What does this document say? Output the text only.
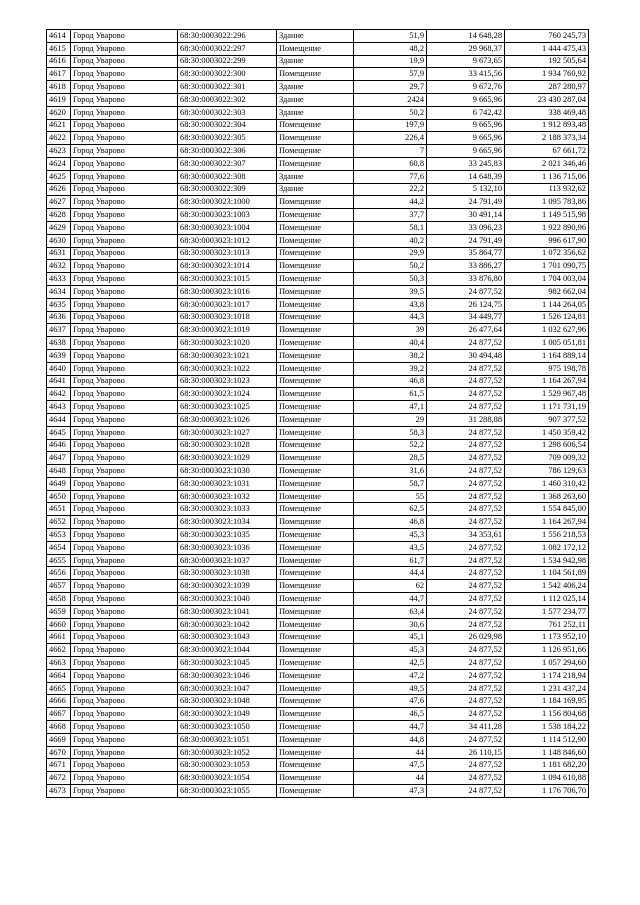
4614	Город Уварово	68:30:0003022:296	Здание	51,9	14 648,28	760 245,73
4615	Город Уварово	68:30:0003022:297	Помещение	48,2	29 968,37	1 444 475,43
4616	Город Уварово	68:30:0003022:299	Здание	19,9	9 673,65	192 505,64
4617	Город Уварово	68:30:0003022:300	Помещение	57,9	33 415,56	1 934 760,92
4618	Город Уварово	68:30:0003022:301	Здание	29,7	9 672,76	287 280,97
4619	Город Уварово	68:30:0003022:302	Здание	2424	9 665,96	23 430 287,04
4620	Город Уварово	68:30:0003022:303	Здание	50,2	6 742,42	338 469,48
4621	Город Уварово	68:30:0003022:304	Помещение	197,9	9 665,96	1 912 893,48
4622	Город Уварово	68:30:0003022:305	Помещение	226,4	9 665,96	2 188 373,34
4623	Город Уварово	68:30:0003022:306	Помещение	7	9 665,96	67 661,72
4624	Город Уварово	68:30:0003022:307	Помещение	60,8	33 245,83	2 021 346,46
4625	Город Уварово	68:30:0003022:308	Здание	77,6	14 648,39	1 136 715,06
4626	Город Уварово	68:30:0003022:309	Здание	22,2	5 132,10	113 932,62
4627	Город Уварово	68:30:0003023:1000	Помещение	44,2	24 791,49	1 095 783,86
4628	Город Уварово	68:30:0003023:1003	Помещение	37,7	30 491,14	1 149 515,98
4629	Город Уварово	68:30:0003023:1004	Помещение	58,1	33 096,23	1 922 890,96
4630	Город Уварово	68:30:0003023:1012	Помещение	40,2	24 791,49	996 617,90
4631	Город Уварово	68:30:0003023:1013	Помещение	29,9	35 864,77	1 072 356,62
4632	Город Уварово	68:30:0003023:1014	Помещение	50,2	33 886,27	1 701 090,75
4633	Город Уварово	68:30:0003023:1015	Помещение	50,3	33 876,80	1 704 003,04
4634	Город Уварово	68:30:0003023:1016	Помещение	39,5	24 877,52	982 662,04
4635	Город Уварово	68:30:0003023:1017	Помещение	43,8	26 124,75	1 144 264,05
4636	Город Уварово	68:30:0003023:1018	Помещение	44,3	34 449,77	1 526 124,81
4637	Город Уварово	68:30:0003023:1019	Помещение	39	26 477,64	1 032 627,96
4638	Город Уварово	68:30:0003023:1020	Помещение	40,4	24 877,52	1 005 051,81
4639	Город Уварово	68:30:0003023:1021	Помещение	38,2	30 494,48	1 164 889,14
4640	Город Уварово	68:30:0003023:1022	Помещение	39,2	24 877,52	975 198,78
4641	Город Уварово	68:30:0003023:1023	Помещение	46,8	24 877,52	1 164 267,94
4642	Город Уварово	68:30:0003023:1024	Помещение	61,5	24 877,52	1 529 967,48
4643	Город Уварово	68:30:0003023:1025	Помещение	47,1	24 877,52	1 171 731,19
4644	Город Уварово	68:30:0003023:1026	Помещение	29	31 288,88	907 377,52
4645	Город Уварово	68:30:0003023:1027	Помещение	58,3	24 877,52	1 450 359,42
4646	Город Уварово	68:30:0003023:1028	Помещение	52,2	24 877,52	1 298 606,54
4647	Город Уварово	68:30:0003023:1029	Помещение	28,5	24 877,52	709 009,32
4648	Город Уварово	68:30:0003023:1030	Помещение	31,6	24 877,52	786 129,63
4649	Город Уварово	68:30:0003023:1031	Помещение	58,7	24 877,52	1 460 310,42
4650	Город Уварово	68:30:0003023:1032	Помещение	55	24 877,52	1 368 263,60
4651	Город Уварово	68:30:0003023:1033	Помещение	62,5	24 877,52	1 554 845,00
4652	Город Уварово	68:30:0003023:1034	Помещение	46,8	24 877,52	1 164 267,94
4653	Город Уварово	68:30:0003023:1035	Помещение	45,3	34 353,61	1 556 218,53
4654	Город Уварово	68:30:0003023:1036	Помещение	43,5	24 877,52	1 082 172,12
4655	Город Уварово	68:30:0003023:1037	Помещение	61,7	24 877,52	1 534 942,98
4656	Город Уварово	68:30:0003023:1038	Помещение	44,4	24 877,52	1 104 561,89
4657	Город Уварово	68:30:0003023:1039	Помещение	62	24 877,52	1 542 406,24
4658	Город Уварово	68:30:0003023:1040	Помещение	44,7	24 877,52	1 112 025,14
4659	Город Уварово	68:30:0003023:1041	Помещение	63,4	24 877,52	1 577 234,77
4660	Город Уварово	68:30:0003023:1042	Помещение	30,6	24 877,52	761 252,11
4661	Город Уварово	68:30:0003023:1043	Помещение	45,1	26 029,98	1 173 952,10
4662	Город Уварово	68:30:0003023:1044	Помещение	45,3	24 877,52	1 126 951,66
4663	Город Уварово	68:30:0003023:1045	Помещение	42,5	24 877,52	1 057 294,60
4664	Город Уварово	68:30:0003023:1046	Помещение	47,2	24 877,52	1 174 218,94
4665	Город Уварово	68:30:0003023:1047	Помещение	49,5	24 877,52	1 231 437,24
4666	Город Уварово	68:30:0003023:1048	Помещение	47,6	24 877,52	1 184 169,95
4667	Город Уварово	68:30:0003023:1049	Помещение	46,5	24 877,52	1 156 804,68
4668	Город Уварово	68:30:0003023:1050	Помещение	44,7	34 411,28	1 538 184,22
4669	Город Уварово	68:30:0003023:1051	Помещение	44,8	24 877,52	1 114 512,90
4670	Город Уварово	68:30:0003023:1052	Помещение	44	26 110,15	1 148 846,60
4671	Город Уварово	68:30:0003023:1053	Помещение	47,5	24 877,52	1 181 682,20
4672	Город Уварово	68:30:0003023:1054	Помещение	44	24 877,52	1 094 610,88
4673	Город Уварово	68:30:0003023:1055	Помещение	47,3	24 877,52	1 176 706,70
